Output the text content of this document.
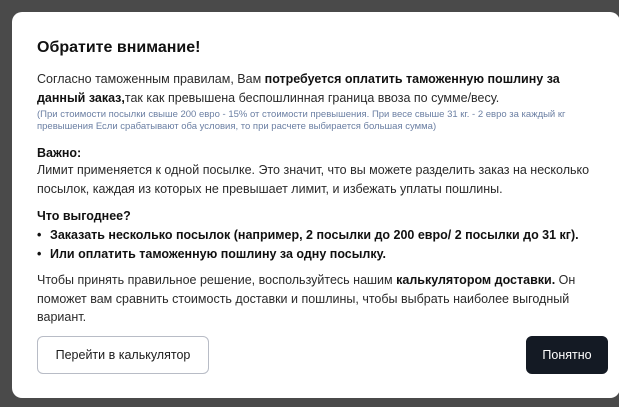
Обратите внимание!

Согласно таможенным правилам, Вам потребуется оплатить таможенную пошлину за данный заказ,так как превышена беспошлинная граница ввоза по сумме/весу.

(При стоимости посылки свыше 200 евро - 15% от стоимости превышения. При весе свыше 31 кг. - 2 евро за каждый кг превышения Если срабатывают оба условия, то при расчете выбирается большая сумма)

Важно:

Лимит применяется к одной посылке. Это значит, что вы можете разделить заказ на несколько посылок, каждая из которых не превышает лимит, и избежать уплаты пошлины.

Что выгоднее?

• Заказать несколько посылок (например, 2 посылки до 200 евро/ 2 посылки до 31 кг).
• Или оплатить таможенную пошлину за одну посылку.

Чтобы принять правильное решение, воспользуйтесь нашим калькулятором доставки. Он поможет вам сравнить стоимость доставки и пошлины, чтобы выбрать наиболее выгодный вариант.

Перейти в калькулятор	Понятно
